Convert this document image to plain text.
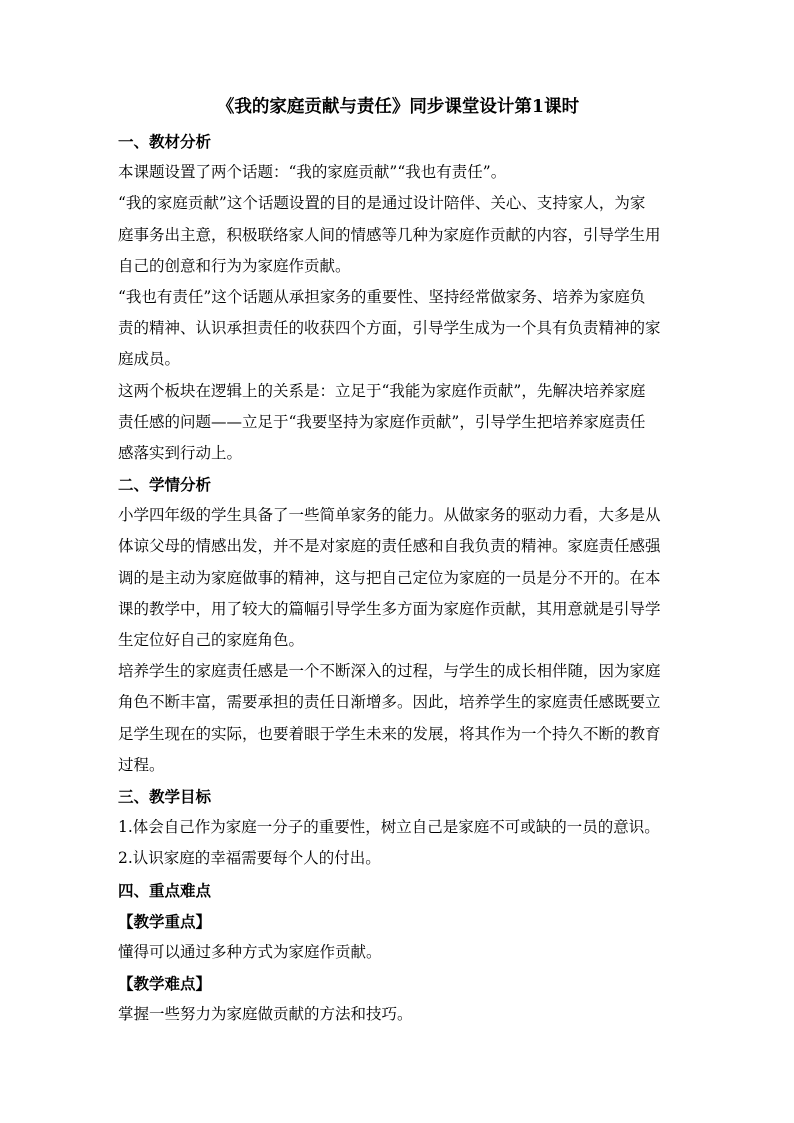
《我的家庭贡献与责任》同步课堂设计第1课时
一、教材分析
本课题设置了两个话题：“我的家庭贡献”“我也有责任”。
“我的家庭贡献”这个话题设置的目的是通过设计陪伴、关心、支持家人，为家
庭事务出主意，积极联络家人间的情感等几种为家庭作贡献的内容，引导学生用
自己的创意和行为为家庭作贡献。
“我也有责任”这个话题从承担家务的重要性、坚持经常做家务、培养为家庭负
责的精神、认识承担责任的收获四个方面，引导学生成为一个具有负责精神的家
庭成员。
这两个板块在逻辑上的关系是：立足于“我能为家庭作贡献”，先解决培养家庭
责任感的问题——立足于“我要坚持为家庭作贡献”，引导学生把培养家庭责任
感落实到行动上。
二、学情分析
小学四年级的学生具备了一些简单家务的能力。从做家务的驱动力看，大多是从
体谅父母的情感出发，并不是对家庭的责任感和自我负责的精神。家庭责任感强
调的是主动为家庭做事的精神，这与把自己定位为家庭的一员是分不开的。在本
课的教学中，用了较大的篇幅引导学生多方面为家庭作贡献，其用意就是引导学
生定位好自己的家庭角色。
培养学生的家庭责任感是一个不断深入的过程，与学生的成长相伴随，因为家庭
角色不断丰富，需要承担的责任日渐增多。因此，培养学生的家庭责任感既要立
足学生现在的实际，也要着眼于学生未来的发展，将其作为一个持久不断的教育
过程。
三、教学目标
1.体会自己作为家庭一分子的重要性，树立自己是家庭不可或缺的一员的意识。
2.认识家庭的幸福需要每个人的付出。
四、重点难点
【教学重点】
懂得可以通过多种方式为家庭作贡献。
【教学难点】
掌握一些努力为家庭做贡献的方法和技巧。
